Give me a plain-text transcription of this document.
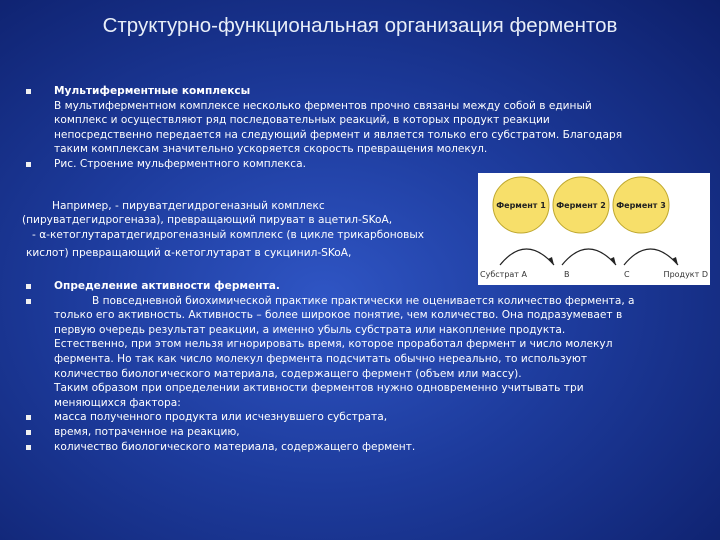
Структурно-функциональная организация ферментов
Мультиферментные комплексы
В мультиферментном комплексе несколько ферментов прочно связаны между собой в единый
комплекс и осуществляют ряд последовательных реакций, в которых продукт реакции
непосредственно передается на следующий фермент и является только его субстратом. Благодаря
таким комплексам значительно ускоряется скорость превращения молекул.
Рис. Строение мульферментного комплекса.
Например, - пируватдегидрогеназный комплекс
(пируватдегидрогеназа), превращающий пируват в ацетил-SKoA,
- α-кетоглутаратдегидрогеназный комплекс (в цикле трикарбоновых
кислот) превращающий α-кетоглутарат в сукцинил-SKoA,
Фермент 1 Фермент 2 Фермент 3
Субстрат А	B	C	Продукт D
Определение активности фермента.
В повседневной биохимической практике практически не оценивается количество фермента, а
только его активность. Активность – более широкое понятие, чем количество. Она подразумевает в
первую очередь результат реакции, а именно убыль субстрата или накопление продукта.
Естественно, при этом нельзя игнорировать время, которое проработал фермент и число молекул
фермента. Но так как число молекул фермента подсчитать обычно нереально, то используют
количество биологического материала, содержащего фермент (объем или массу).
Таким образом при определении активности ферментов нужно одновременно учитывать три
меняющихся фактора:
масса полученного продукта или исчезнувшего субстрата,
время, потраченное на реакцию,
количество биологического материала, содержащего фермент.
